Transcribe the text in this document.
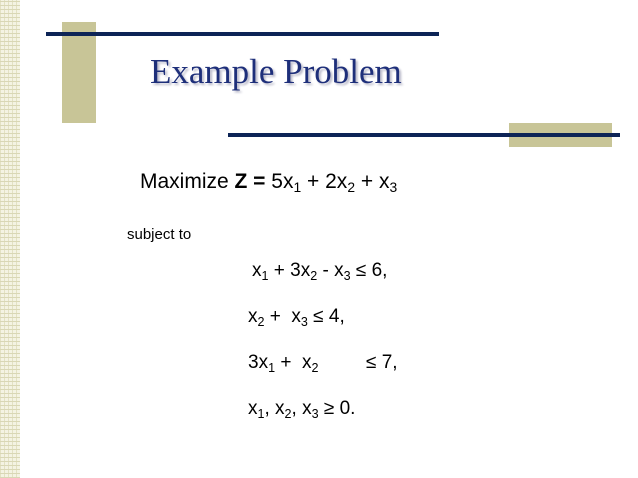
Example Problem
Maximize $Z = 5x_1 + 2x_2 + x_3$
subject to
$x_1 + 3x_2 - x_3 \le 6$,
$x_2 + x_3 \le 4$,
$3x_1 + x_2$         ≤ 7,
$x_1$, $x_2$, $x_3 \ge 0$.
